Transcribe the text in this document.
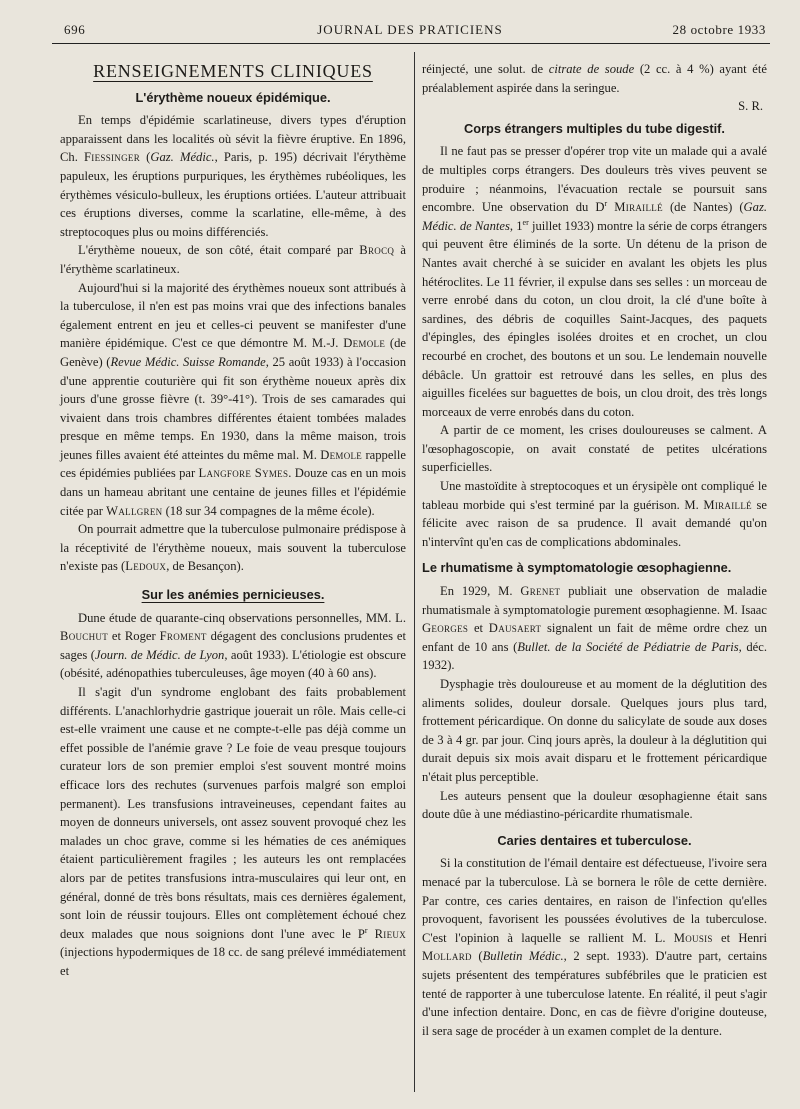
696	JOURNAL DES PRATICIENS	28 octobre 1933
RENSEIGNEMENTS CLINIQUES
L'érythème noueux épidémique.

En temps d'épidémie scarlatineuse, divers types d'éruption apparaissent dans les localités où sévit la fièvre éruptive. En 1896, Ch. Fiessinger (Gaz. Médic., Paris, p. 195) décrivait l'érythème papuleux, les éruptions purpuriques, les érythèmes rubéoliques, les érythèmes vésiculo-bulleux, les éruptions ortiées. L'auteur attribuait ces éruptions diverses, comme la scarlatine, elle-même, à des streptocoques plus ou moins différenciés.

L'érythème noueux, de son côté, était comparé par Brocq à l'érythème scarlatineux.

Aujourd'hui si la majorité des érythèmes noueux sont attribués à la tuberculose, il n'en est pas moins vrai que des infections banales également entrent en jeu et celles-ci peuvent se manifester d'une manière épidémique. C'est ce que démontre M. M.-J. Demole (de Genève) (Revue Médic. Suisse Romande, 25 août 1933) à l'occasion d'une apprentie couturière qui fit son érythème noueux après dix jours d'une grosse fièvre (t. 39°-41°). Trois de ses camarades qui vivaient dans trois chambres différentes étaient tombées malades presque en même temps. En 1930, dans la même maison, trois jeunes filles avaient été atteintes du même mal. M. Demole rappelle ces épidémies publiées par Langfore Symes. Douze cas en un mois dans un hameau abritant une centaine de jeunes filles et l'épidémie citée par Wallgren (18 sur 34 compagnes de la même école).

On pourrait admettre que la tuberculose pulmonaire prédispose à la réceptivité de l'érythème noueux, mais souvent la tuberculose n'existe pas (Ledoux, de Besançon).

Sur les anémies pernicieuses.

Dune étude de quarante-cinq observations personnelles, MM. L. Bouchut et Roger Froment dégagent des conclusions prudentes et sages (Journ. de Médic. de Lyon, août 1933). L'étiologie est obscure (obésité, adénopathies tuberculeuses, âge moyen (40 à 60 ans).

Il s'agit d'un syndrome englobant des faits probablement différents. L'anachlorhydrie gastrique jouerait un rôle. Mais celle-ci est-elle vraiment une cause et ne compte-t-elle pas déjà comme un effet possible de l'anémie grave ? Le foie de veau presque toujours curateur lors de son premier emploi s'est souvent montré moins efficace lors des rechutes (survenues parfois malgré son emploi permanent). Les transfusions intraveineuses, cependant faites au moyen de donneurs universels, ont assez souvent provoqué chez les malades un choc grave, comme si les hématies de ces anémiques étaient particulièrement fragiles ; les auteurs les ont remplacées alors par de petites transfusions intra-musculaires qui leur ont, en général, donné de très bons résultats, mais ces dernières également, sont loin de réussir toujours. Elles ont complètement échoué chez deux malades que nous soignions dont l'une avec le $P^r$ Rieux (injections hypodermiques de 18 cc. de sang prélevé immédiatement et

réinjecté, une solut. de citrate de soude (2 cc. à 4 %) ayant été préalablement aspirée dans la seringue.

S. R.
Corps étrangers multiples du tube digestif.

Il ne faut pas se presser d'opérer trop vite un malade qui a avalé de multiples corps étrangers. Des douleurs très vives peuvent se produire ; néanmoins, l'évacuation rectale se poursuit sans encombre. Une observation du $D^r$ Miraillé (de Nantes) (Gaz. Médic. de Nantes, 1er juillet 1933) montre la série de corps étrangers qui peuvent être éliminés de la sorte. Un détenu de la prison de Nantes avait cherché à se suicider en avalant les objets les plus hétéroclites. Le 11 février, il expulse dans ses selles : un morceau de verre enrobé dans du coton, un clou droit, la clé d'une boîte à sardines, des débris de coquilles Saint-Jacques, des paquets d'épingles, des épingles isolées droites et en crochet, un clou recourbé en crochet, des boutons et un sou. Le lendemain nouvelle débâcle. Un grattoir est retrouvé dans les selles, en plus des aiguilles ficelées sur baguettes de bois, un clou droit, des très longs morceaux de verre enrobés dans du coton.

A partir de ce moment, les crises douloureuses se calment. A l'œsophagoscopie, on avait constaté de petites ulcérations superficielles.

Une mastoïdite à streptocoques et un érysipèle ont compliqué le tableau morbide qui s'est terminé par la guérison. M. Miraillé se félicite avec raison de sa prudence. Il avait demandé qu'on n'intervînt qu'en cas de complications abdominales.

Le rhumatisme à symptomatologie œsophagienne.

En 1929, M. Grenet publiait une observation de maladie rhumatismale à symptomatologie purement œsophagienne. M. Isaac Georges et Dausaert signalent un fait de même ordre chez un enfant de 10 ans (Bullet. de la Société de Pédiatrie de Paris, déc. 1932).

Dysphagie très douloureuse et au moment de la déglutition des aliments solides, douleur dorsale. Quelques jours plus tard, frottement péricardique. On donne du salicylate de soude aux doses de 3 à 4 gr. par jour. Cinq jours après, la douleur à la déglutition qui durait depuis six mois avait disparu et le frottement péricardique n'était plus perceptible.

Les auteurs pensent que la douleur œsophagienne était sans doute dûe à une médiastino-péricardite rhumatismale.

Caries dentaires et tuberculose.

Si la constitution de l'émail dentaire est défectueuse, l'ivoire sera menacé par la tuberculose. Là se bornera le rôle de cette dernière. Par contre, ces caries dentaires, en raison de l'infection qu'elles provoquent, favorisent les poussées évolutives de la tuberculose. C'est l'opinion à laquelle se rallient M. L. Mousis et Henri Mollard (Bulletin Médic., 2 sept. 1933). D'autre part, certains sujets présentent des températures subfébriles que le praticien est tenté de rapporter à une tuberculose latente. En réalité, il peut s'agir d'une infection dentaire. Donc, en cas de fièvre d'origine douteuse, il sera sage de procéder à un examen complet de la denture.
